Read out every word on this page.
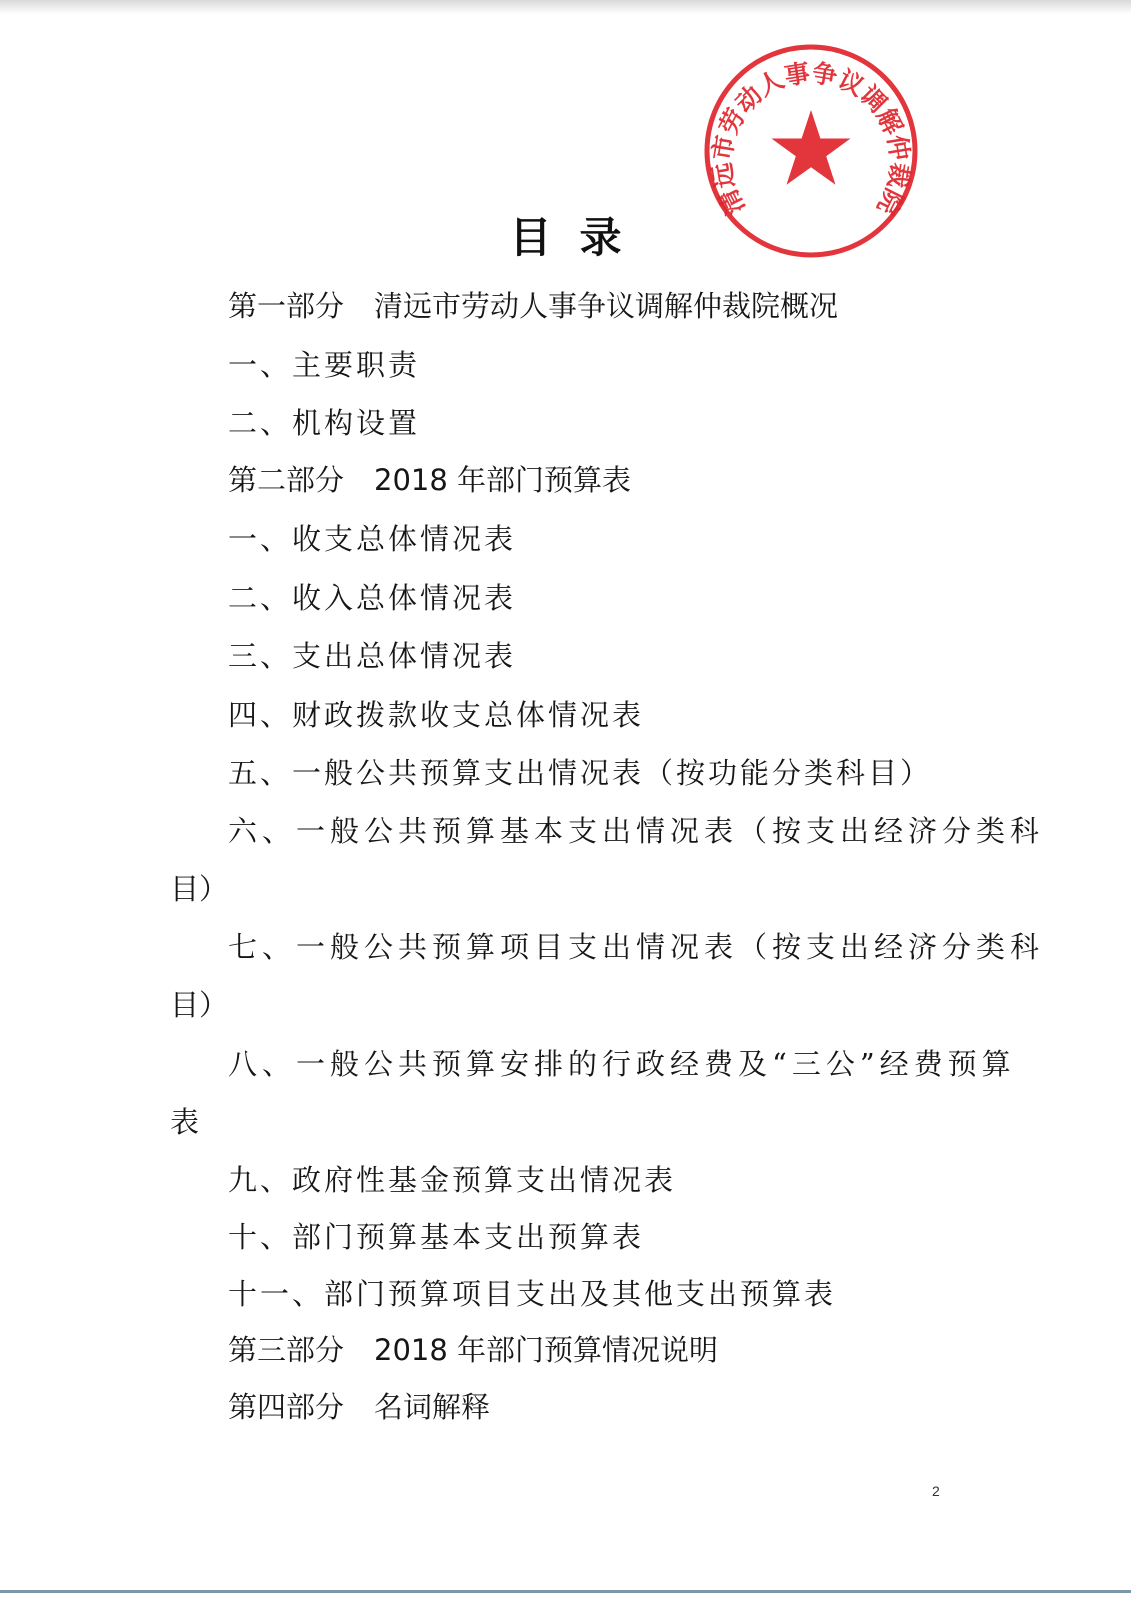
清远市劳动人事争议调解仲裁院
目录
第一部分 清远市劳动人事争议调解仲裁院概况
一、主要职责
二、机构设置
第二部分 2018 年部门预算表
一、收支总体情况表
二、收入总体情况表
三、支出总体情况表
四、财政拨款收支总体情况表
五、一般公共预算支出情况表（按功能分类科目）
六、一般公共预算基本支出情况表（按支出经济分类科
目）
七、一般公共预算项目支出情况表（按支出经济分类科
目）
八、一般公共预算安排的行政经费及“三公”经费预算
表
九、政府性基金预算支出情况表
十、部门预算基本支出预算表
十一、部门预算项目支出及其他支出预算表
第三部分 2018 年部门预算情况说明
第四部分 名词解释
2
